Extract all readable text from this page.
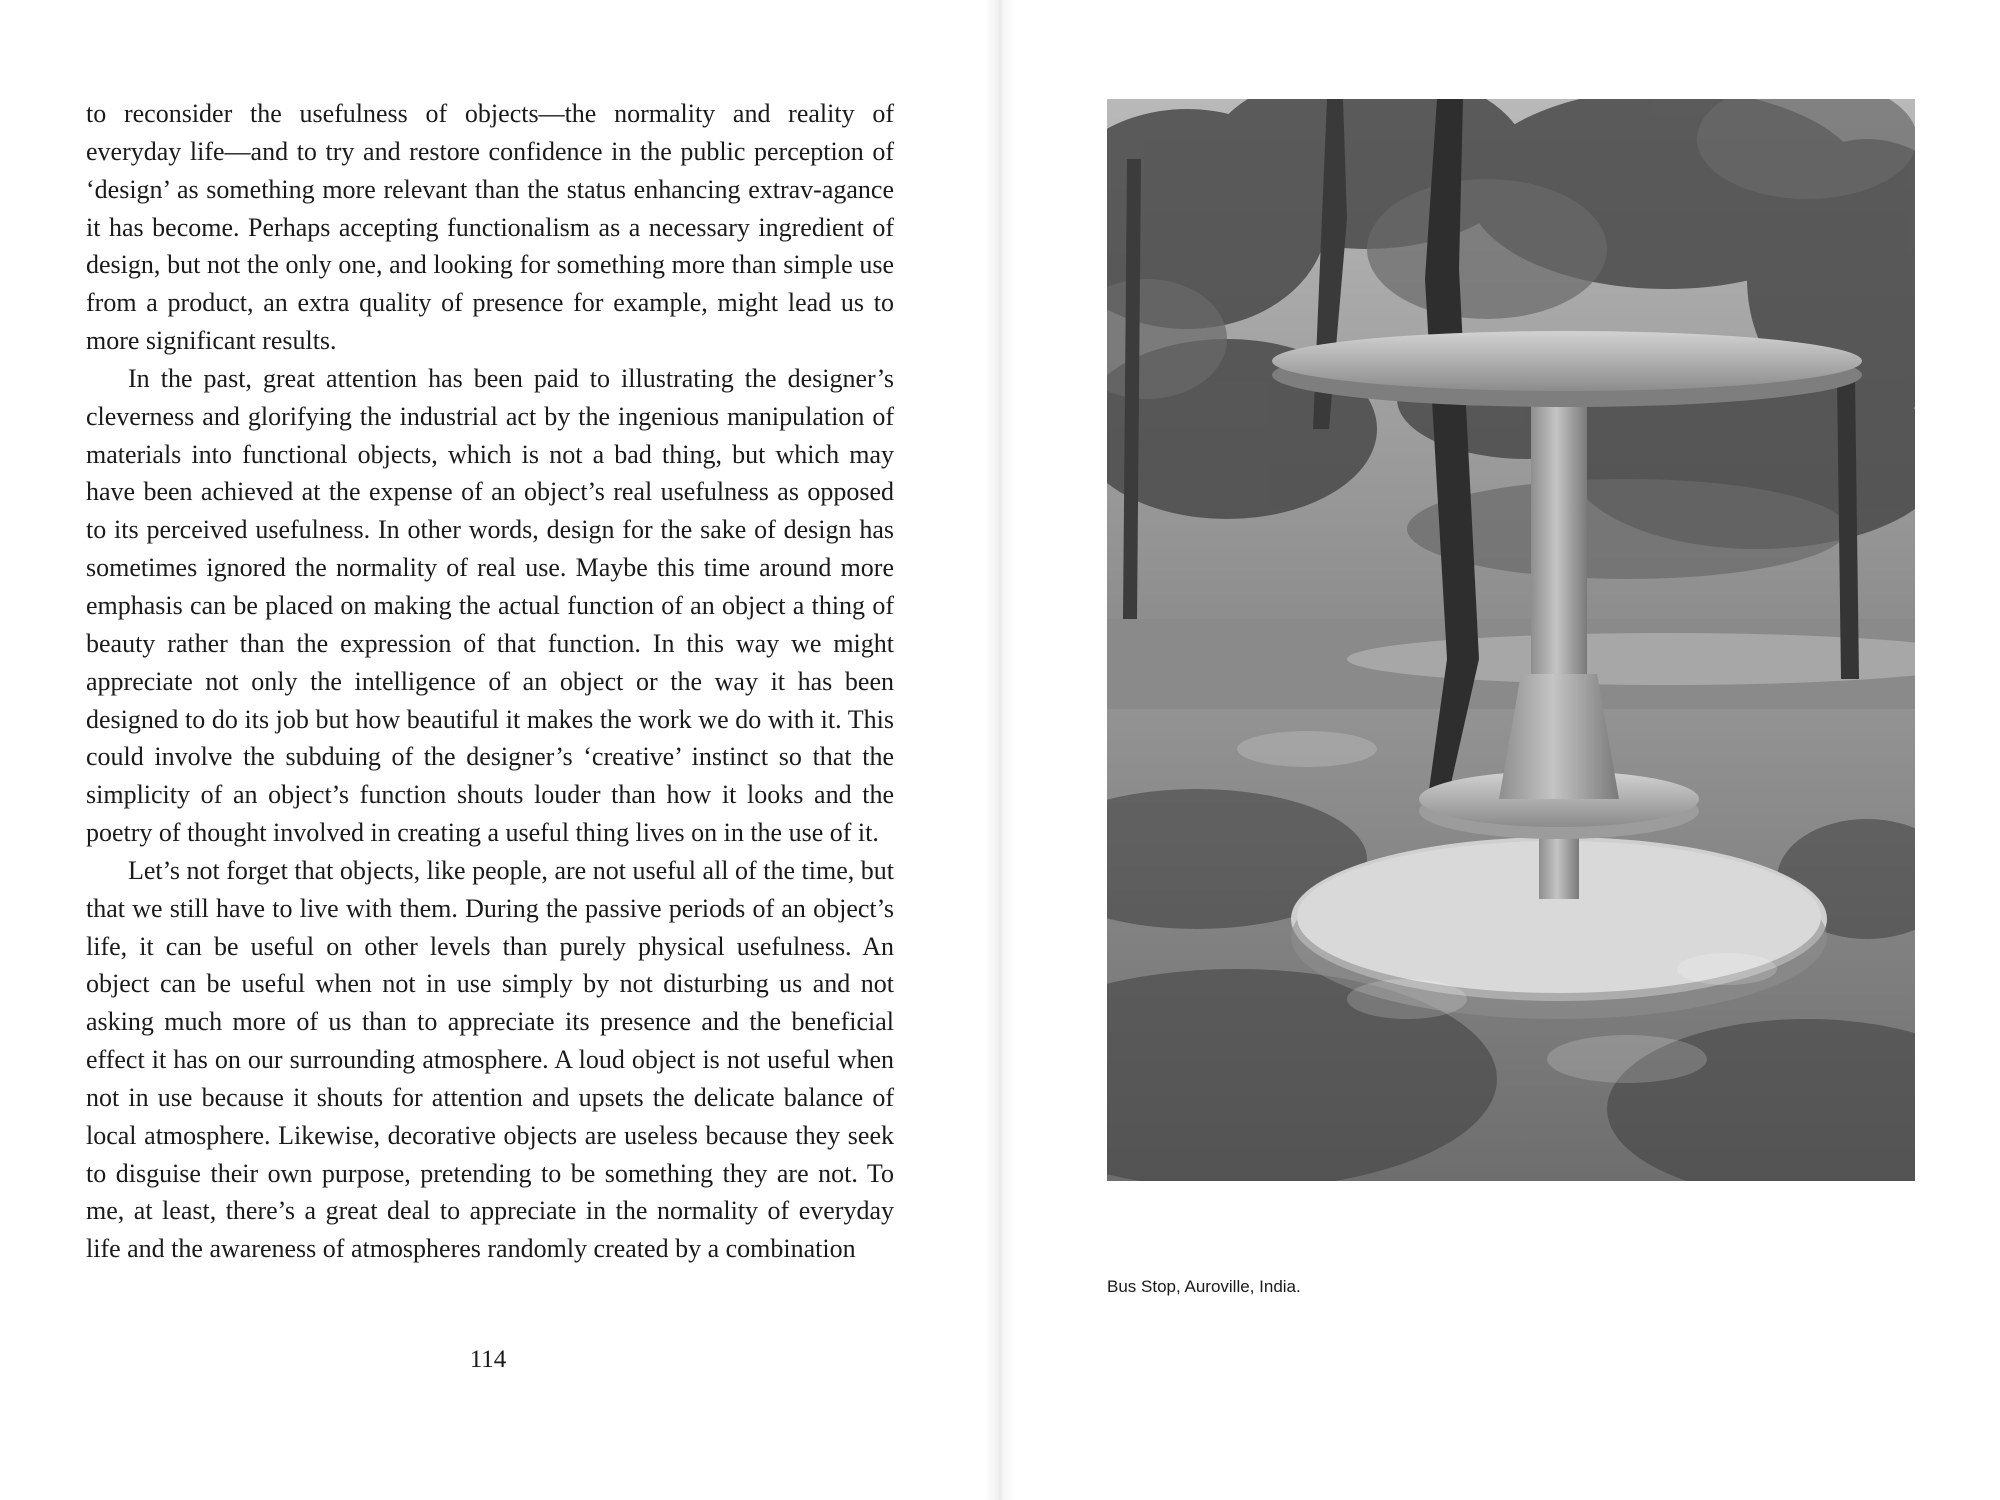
to reconsider the usefulness of objects—the normality and reality of everyday life—and to try and restore confidence in the public perception of ‘design’ as something more relevant than the status enhancing extrav-agance it has become. Perhaps accepting functionalism as a necessary ingredient of design, but not the only one, and looking for something more than simple use from a product, an extra quality of presence for example, might lead us to more significant results.

In the past, great attention has been paid to illustrating the designer’s cleverness and glorifying the industrial act by the ingenious manipulation of materials into functional objects, which is not a bad thing, but which may have been achieved at the expense of an object’s real usefulness as opposed to its perceived usefulness. In other words, design for the sake of design has sometimes ignored the normality of real use. Maybe this time around more emphasis can be placed on making the actual function of an object a thing of beauty rather than the expression of that function. In this way we might appreciate not only the intelligence of an object or the way it has been designed to do its job but how beautiful it makes the work we do with it. This could involve the subduing of the designer’s ‘creative’ instinct so that the simplicity of an object’s function shouts louder than how it looks and the poetry of thought involved in creating a useful thing lives on in the use of it.

Let’s not forget that objects, like people, are not useful all of the time, but that we still have to live with them. During the passive periods of an object’s life, it can be useful on other levels than purely physical usefulness. An object can be useful when not in use simply by not disturbing us and not asking much more of us than to appreciate its presence and the beneficial effect it has on our surrounding atmosphere. A loud object is not useful when not in use because it shouts for attention and upsets the delicate balance of local atmosphere. Likewise, decorative objects are useless because they seek to disguise their own purpose, pretending to be something they are not. To me, at least, there’s a great deal to appreciate in the normality of everyday life and the awareness of atmospheres randomly created by a combination

114
Bus Stop, Auroville, India.
